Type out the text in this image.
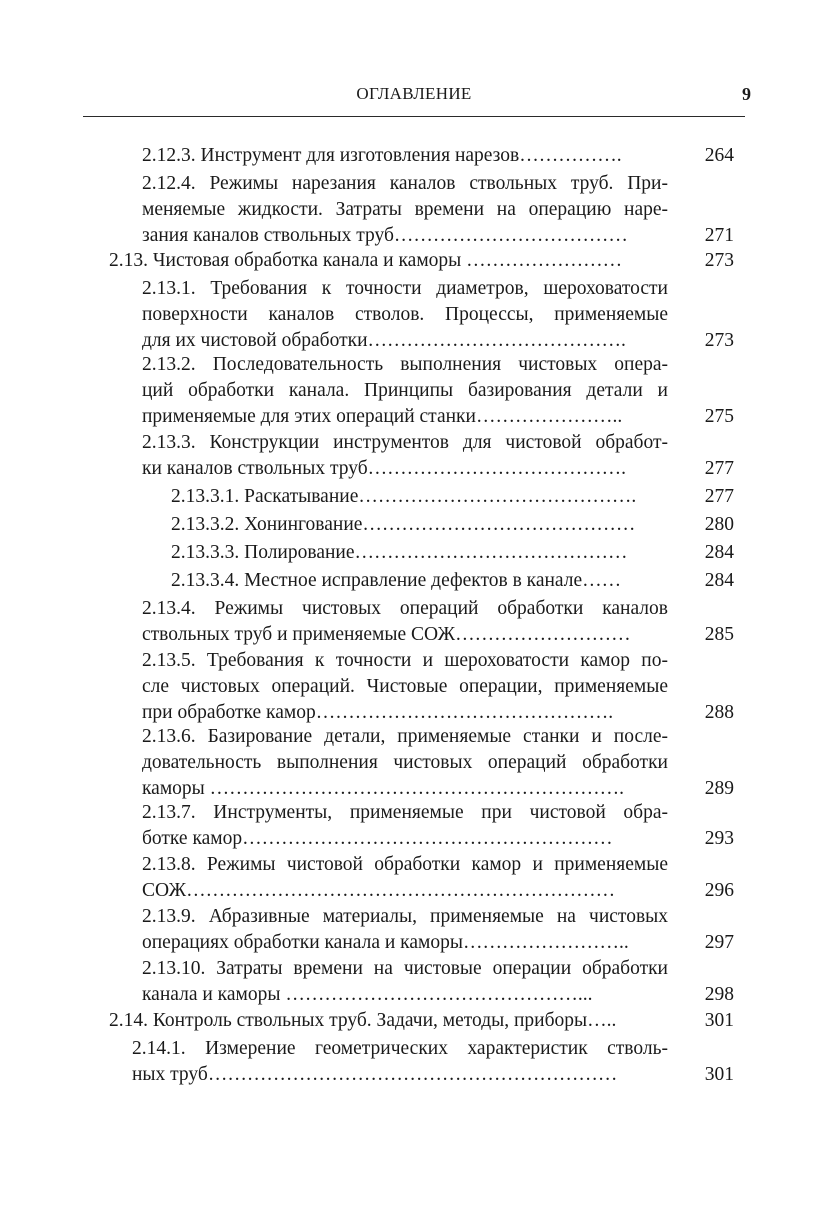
ОГЛАВЛЕНИЕ	9
2.12.3. Инструмент для изготовления нарезов…………….	264
2.12.4. Режимы нарезания каналов ствольных труб. При-
меняемые жидкости. Затраты времени на операцию наре-
зания каналов ствольных труб………………………………	271
2.13. Чистовая обработка канала и каморы ……………………	273
2.13.1. Требования к точности диаметров, шероховатости
поверхности каналов стволов. Процессы, применяемые
для их чистовой обработки………………………………….	273
2.13.2. Последовательность выполнения чистовых опера-
ций обработки канала. Принципы базирования детали и
применяемые для этих операций станки…………………..	275
2.13.3. Конструкции инструментов для чистовой обработ-
ки каналов ствольных труб………………………………….	277
2.13.3.1. Раскатывание…………………………………….	277
2.13.3.2. Хонингование……………………………………	280
2.13.3.3. Полирование……………………………………	284
2.13.3.4. Местное исправление дефектов в канале……	284
2.13.4. Режимы чистовых операций обработки каналов
ствольных труб и применяемые СОЖ………………………	285
2.13.5. Требования к точности и шероховатости камор по-
сле чистовых операций. Чистовые операции, применяемые
при обработке камор……………………………………….	288
2.13.6. Базирование детали, применяемые станки и после-
довательность выполнения чистовых операций обработки
каморы ……………………………………………………….	289
2.13.7. Инструменты, применяемые при чистовой обра-
ботке камор…………………………………………………	293
2.13.8. Режимы чистовой обработки камор и применяемые
СОЖ…………………………………………………………	296
2.13.9. Абразивные материалы, применяемые на чистовых
операциях обработки канала и каморы……………………..	297
2.13.10. Затраты времени на чистовые операции обработки
канала и каморы ………………………………………...	298
2.14. Контроль ствольных труб. Задачи, методы, приборы…..	301
2.14.1. Измерение геометрических характеристик стволь-
ных труб………………………………………………………	301
